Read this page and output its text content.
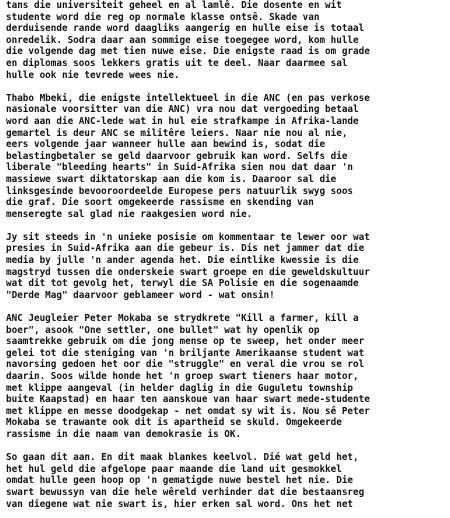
tans die universiteit geheel en al lamlê. Die dosente en wit
studente word die reg op normale klasse ontsê. Skade van
derduisende rande word daagliks aangerig en hulle eise is totaal
onredelik. Sodra daar aan sommige eise toegegee word, kom hulle
die volgende dag met tien nuwe eise. Die enigste raad is om grade
en diplomas soos lekkers gratis uit te deel. Naar daarmee sal
hulle ook nie tevrede wees nie.
Thabo Mbeki, die enigste intellektueel in die ANC (en pas verkose
nasionale voorsitter van die ANC) vra nou dat vergoeding betaal
word aan die ANC-lede wat in hul eie strafkampe in Afrika-lande
gemartel is deur ANC se militêre leiers. Naar nie nou al nie,
eers volgende jaar wanneer hulle aan bewind is, sodat die
belastingbetaler se geld daarvoor gebruik kan word. Selfs die
liberale "bleeding hearts" in Suid-Afrika sien nou dat daar 'n
massiewe swart diktatorskap aan die kom is. Daaroor sal die
linksgesinde bevooroordeelde Europese pers natuurlik swyg soos
die graf. Die soort omgekeerde rassisme en skending van
menseregte sal glad nie raakgesien word nie.
Jy sit steeds in 'n unieke posisie om kommentaar te lewer oor wat
presies in Suid-Afrika aan die gebeur is. Dis net jammer dat die
media by julle 'n ander agenda het. Die eintlike kwessie is die
magstryd tussen die onderskeie swart groepe en die geweldskultuur
wat dit tot gevolg het, terwyl die SA Polisie en die sogenaamde
"Derde Mag" daarvoor geblameer word - wat onsin!
ANC Jeugleier Peter Mokaba se strydkrete "Kill a farmer, kill a
boer", asook "One settler, one bullet" wat hy openlik op
saamtrekke gebruik om die jong mense op te sweep, het onder meer
gelei tot die steniging van 'n briljante Amerikaanse student wat
navorsing gedoen het oor die "struggle" en veral die vrou se rol
daarin. Soos wilde honde het 'n groep swart tieners haar motor,
met klippe aangeval (in helder daglig in die Guguletu township
buite Kaapstad) en haar ten aanskoue van haar swart mede-studente
met klippe en messe doodgekap - net omdat sy wit is. Nou sê Peter
Mokaba se trawante ook dit is apartheid se skuld. Omgekeerde
rassisme in die naam van demokrasie is OK.
So gaan dit aan. En dit maak blankes keelvol. Dié wat geld het,
het hul geld die afgelope paar maande die land uit gesmokkel
omdat hulle geen hoop op 'n gematigde nuwe bestel het nie. Die
swart bewussyn van die hele wêreld verhinder dat die bestaansreg
van diegene wat nie swart is, hier erken sal word. Ons het net
